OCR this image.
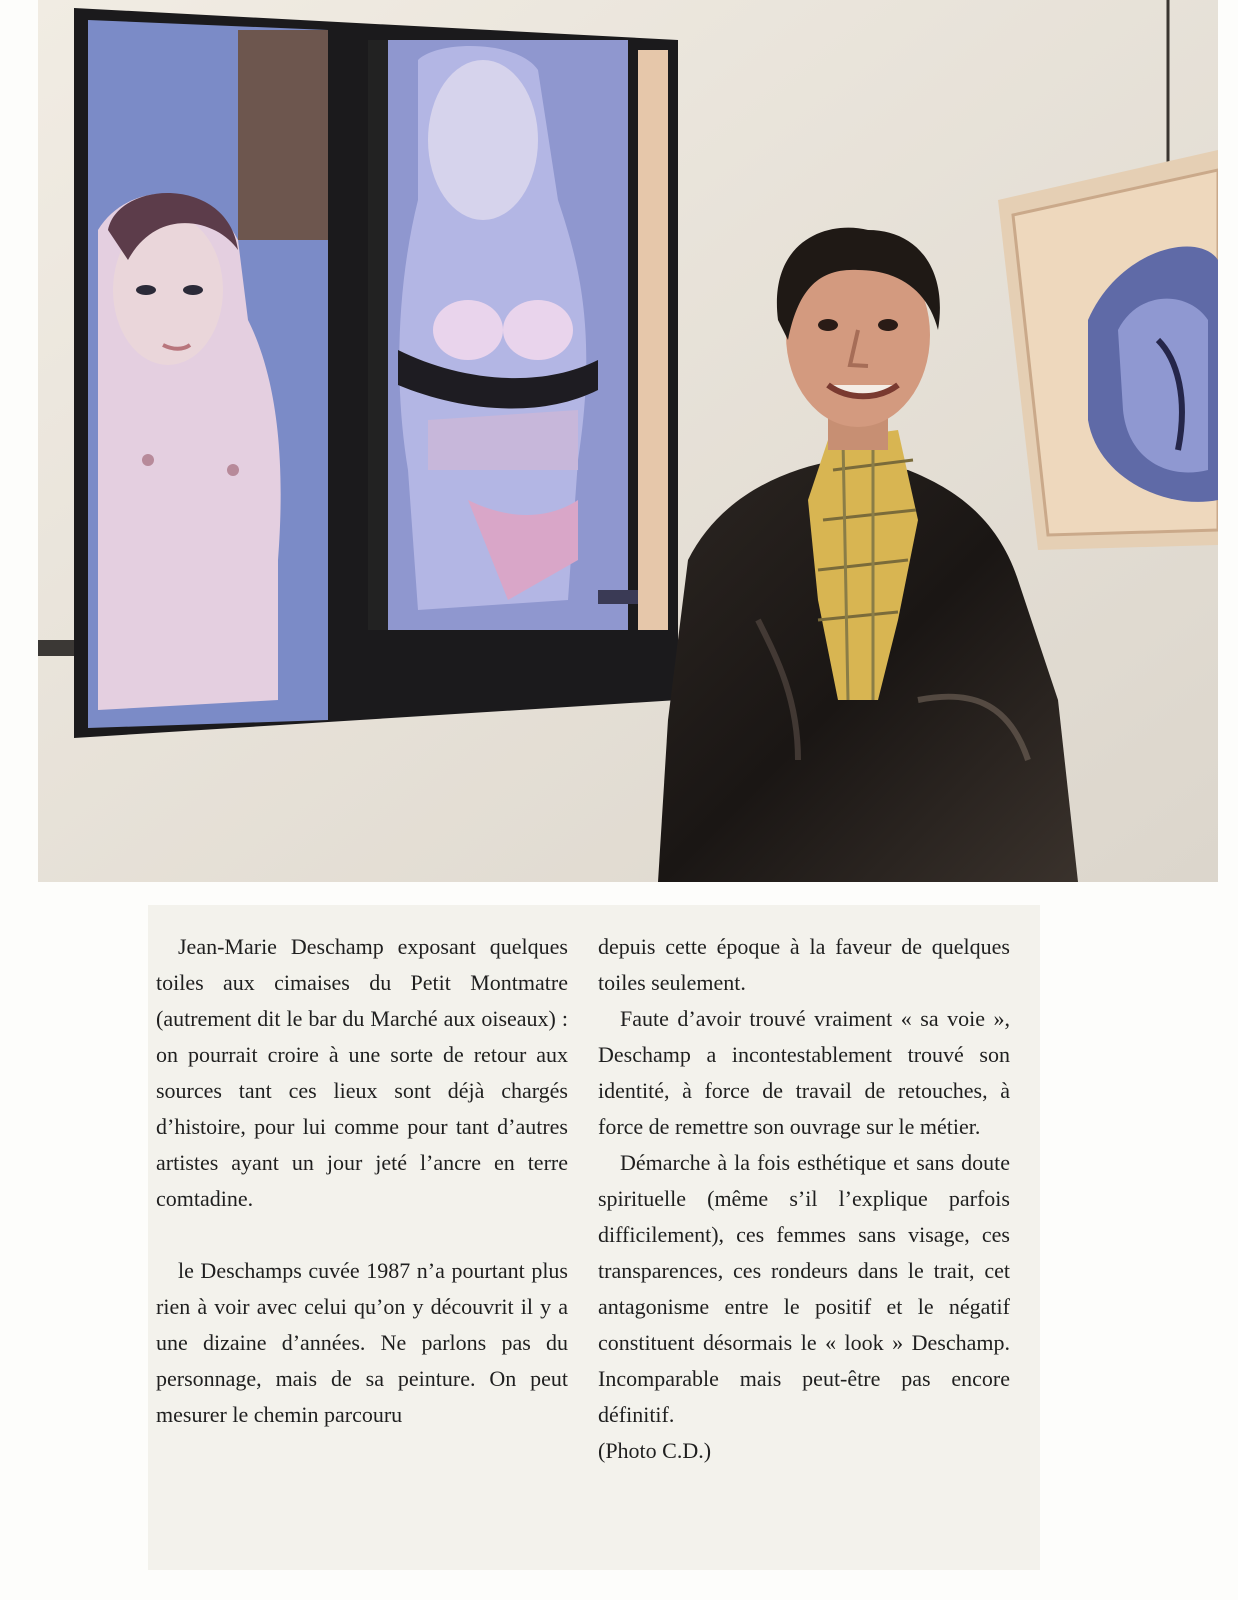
Jean-Marie Deschamp exposant quelques toiles aux cimaises du Petit Montmatre (autrement dit le bar du Marché aux oiseaux) : on pourrait croire à une sorte de retour aux sources tant ces lieux sont déjà chargés d’histoire, pour lui comme pour tant d’autres artistes ayant un jour jeté l’ancre en terre comtadine.

le Deschamps cuvée 1987 n’a pourtant plus rien à voir avec celui qu’on y découvrit il y a une dizaine d’années. Ne parlons pas du personnage, mais de sa peinture. On peut mesurer le chemin parcouru

depuis cette époque à la faveur de quelques toiles seulement.

Faute d’avoir trouvé vraiment « sa voie », Deschamp a incontestablement trouvé son identité, à force de travail de retouches, à force de remettre son ouvrage sur le métier.

Démarche à la fois esthétique et sans doute spirituelle (même s’il l’explique parfois difficilement), ces femmes sans visage, ces transparences, ces rondeurs dans le trait, cet antagonisme entre le positif et le négatif constituent désormais le « look » Deschamp. Incomparable mais peut-être pas encore définitif.

(Photo C.D.)
